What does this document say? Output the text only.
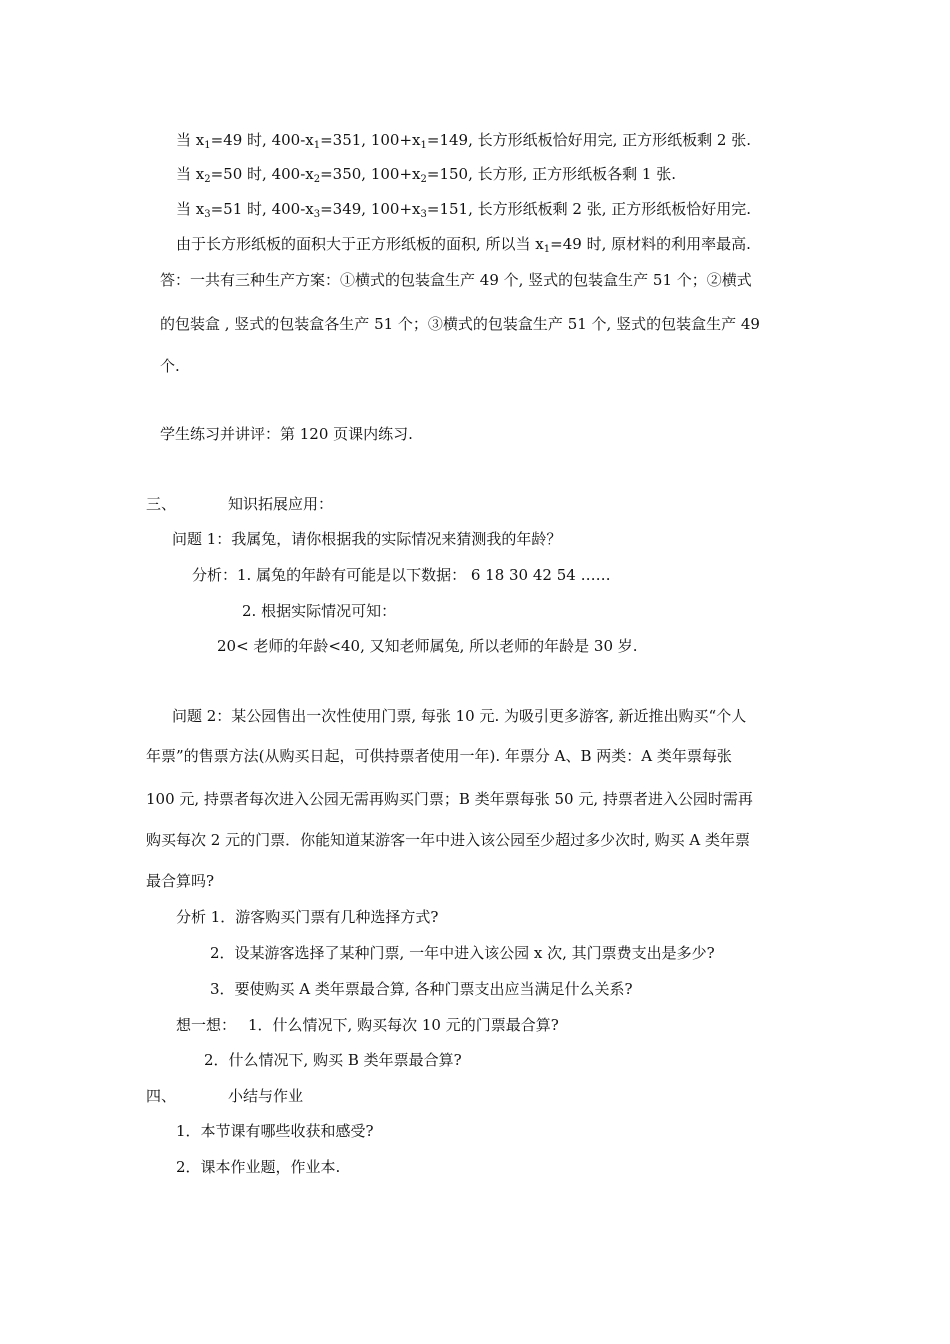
当 $x_1=49$ 时, $400-x_1=351$, $100+x_1=149$, 长方形纸板恰好用完, 正方形纸板剩 2 张.
当 $x_2=50$ 时, $400-x_2=350$, $100+x_2=150$, 长方形, 正方形纸板各剩 1 张.
当 $x_3=51$ 时, $400-x_3=349$, $100+x_3=151$, 长方形纸板剩 2 张, 正方形纸板恰好用完.
由于长方形纸板的面积大于正方形纸板的面积, 所以当 $x_1=49$ 时, 原材料的利用率最高.
答：一共有三种生产方案：①横式的包装盒生产 49 个, 竖式的包装盒生产 51 个；②横式
的包装盒 , 竖式的包装盒各生产 51 个；③横式的包装盒生产 51 个, 竖式的包装盒生产 49
个.
学生练习并讲评：第 120 页课内练习.
三、	知识拓展应用：
问题 1：我属兔，请你根据我的实际情况来猜测我的年龄？
分析：1. 属兔的年龄有可能是以下数据： 6 18 30 42 54 ……
2. 根据实际情况可知：
20< 老师的年龄<40, 又知老师属兔, 所以老师的年龄是 30 岁.
问题 2：某公园售出一次性使用门票, 每张 10 元. 为吸引更多游客, 新近推出购买“个人
年票”的售票方法(从购买日起，可供持票者使用一年). 年票分 A、B 两类：A 类年票每张
100 元, 持票者每次进入公园无需再购买门票；B 类年票每张 50 元, 持票者进入公园时需再
购买每次 2 元的门票．你能知道某游客一年中进入该公园至少超过多少次时, 购买 A 类年票
最合算吗?
分析 1．游客购买门票有几种选择方式?
2．设某游客选择了某种门票, 一年中进入该公园 x 次, 其门票费支出是多少?
3．要使购买 A 类年票最合算, 各种门票支出应当满足什么关系?
想一想： 1．什么情况下, 购买每次 10 元的门票最合算?
2．什么情况下, 购买 B 类年票最合算?
四、	小结与作业
1．本节课有哪些收获和感受?
2．课本作业题，作业本.
